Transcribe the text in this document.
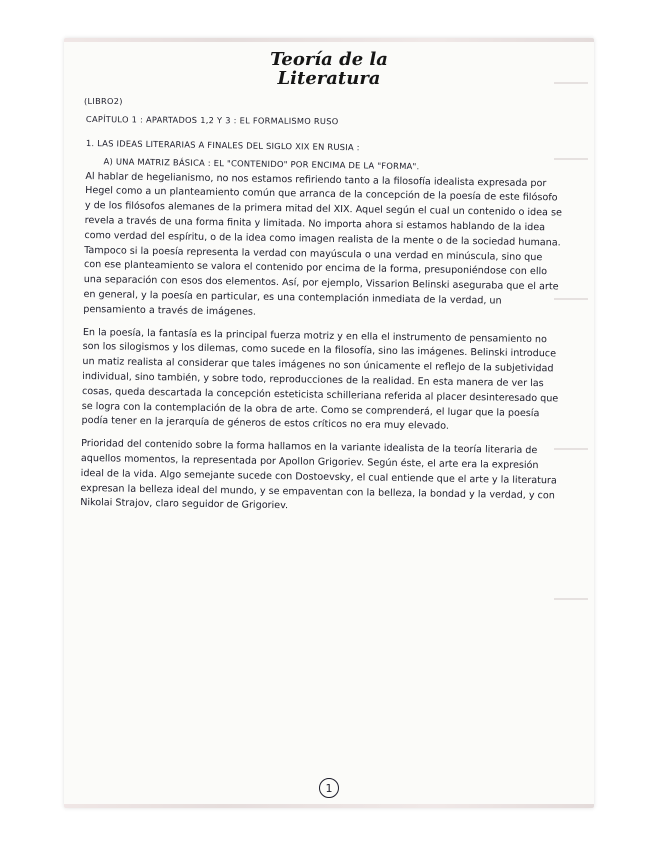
Teoría de la
Literatura
(LIBRO2)
CAPÍTULO 1 : APARTADOS 1,2 Y 3 : EL FORMALISMO RUSO
1. LAS IDEAS LITERARIAS A FINALES DEL SIGLO XIX EN RUSIA :
A) UNA MATRIZ BÁSICA : EL "CONTENIDO" POR ENCIMA DE LA "FORMA".

Al hablar de hegelianismo, no nos estamos refiriendo tanto a la filosofía idealista expresada por Hegel como a un planteamiento común que arranca de la concepción de la poesía de este filósofo y de los filósofos alemanes de la primera mitad del XIX. Aquel según el cual un contenido o idea se revela a través de una forma finita y limitada. No importa ahora si estamos hablando de la idea como verdad del espíritu, o de la idea como imagen realista de la mente o de la sociedad humana. Tampoco si la poesía representa la verdad con mayúscula o una verdad en minúscula, sino que con ese planteamiento se valora el contenido por encima de la forma, presuponiéndose con ello una separación con esos dos elementos. Así, por ejemplo, Vissarion Belinski aseguraba que el arte en general, y la poesía en particular, es una contemplación inmediata de la verdad, un pensamiento a través de imágenes.

En la poesía, la fantasía es la principal fuerza motriz y en ella el instrumento de pensamiento no son los silogismos y los dilemas, como sucede en la filosofía, sino las imágenes. Belinski introduce un matiz realista al considerar que tales imágenes no son únicamente el reflejo de la subjetividad individual, sino también, y sobre todo, reproducciones de la realidad. En esta manera de ver las cosas, queda descartada la concepción esteticista schilleriana referida al placer desinteresado que se logra con la contemplación de la obra de arte. Como se comprenderá, el lugar que la poesía podía tener en la jerarquía de géneros de estos críticos no era muy elevado.

Prioridad del contenido sobre la forma hallamos en la variante idealista de la teoría literaria de aquellos momentos, la representada por Apollon Grigoriev. Según éste, el arte era la expresión ideal de la vida. Algo semejante sucede con Dostoevsky, el cual entiende que el arte y la literatura expresan la belleza ideal del mundo, y se empaventan con la belleza, la bondad y la verdad, y con Nikolai Strajov, claro seguidor de Grigoriev.

1
